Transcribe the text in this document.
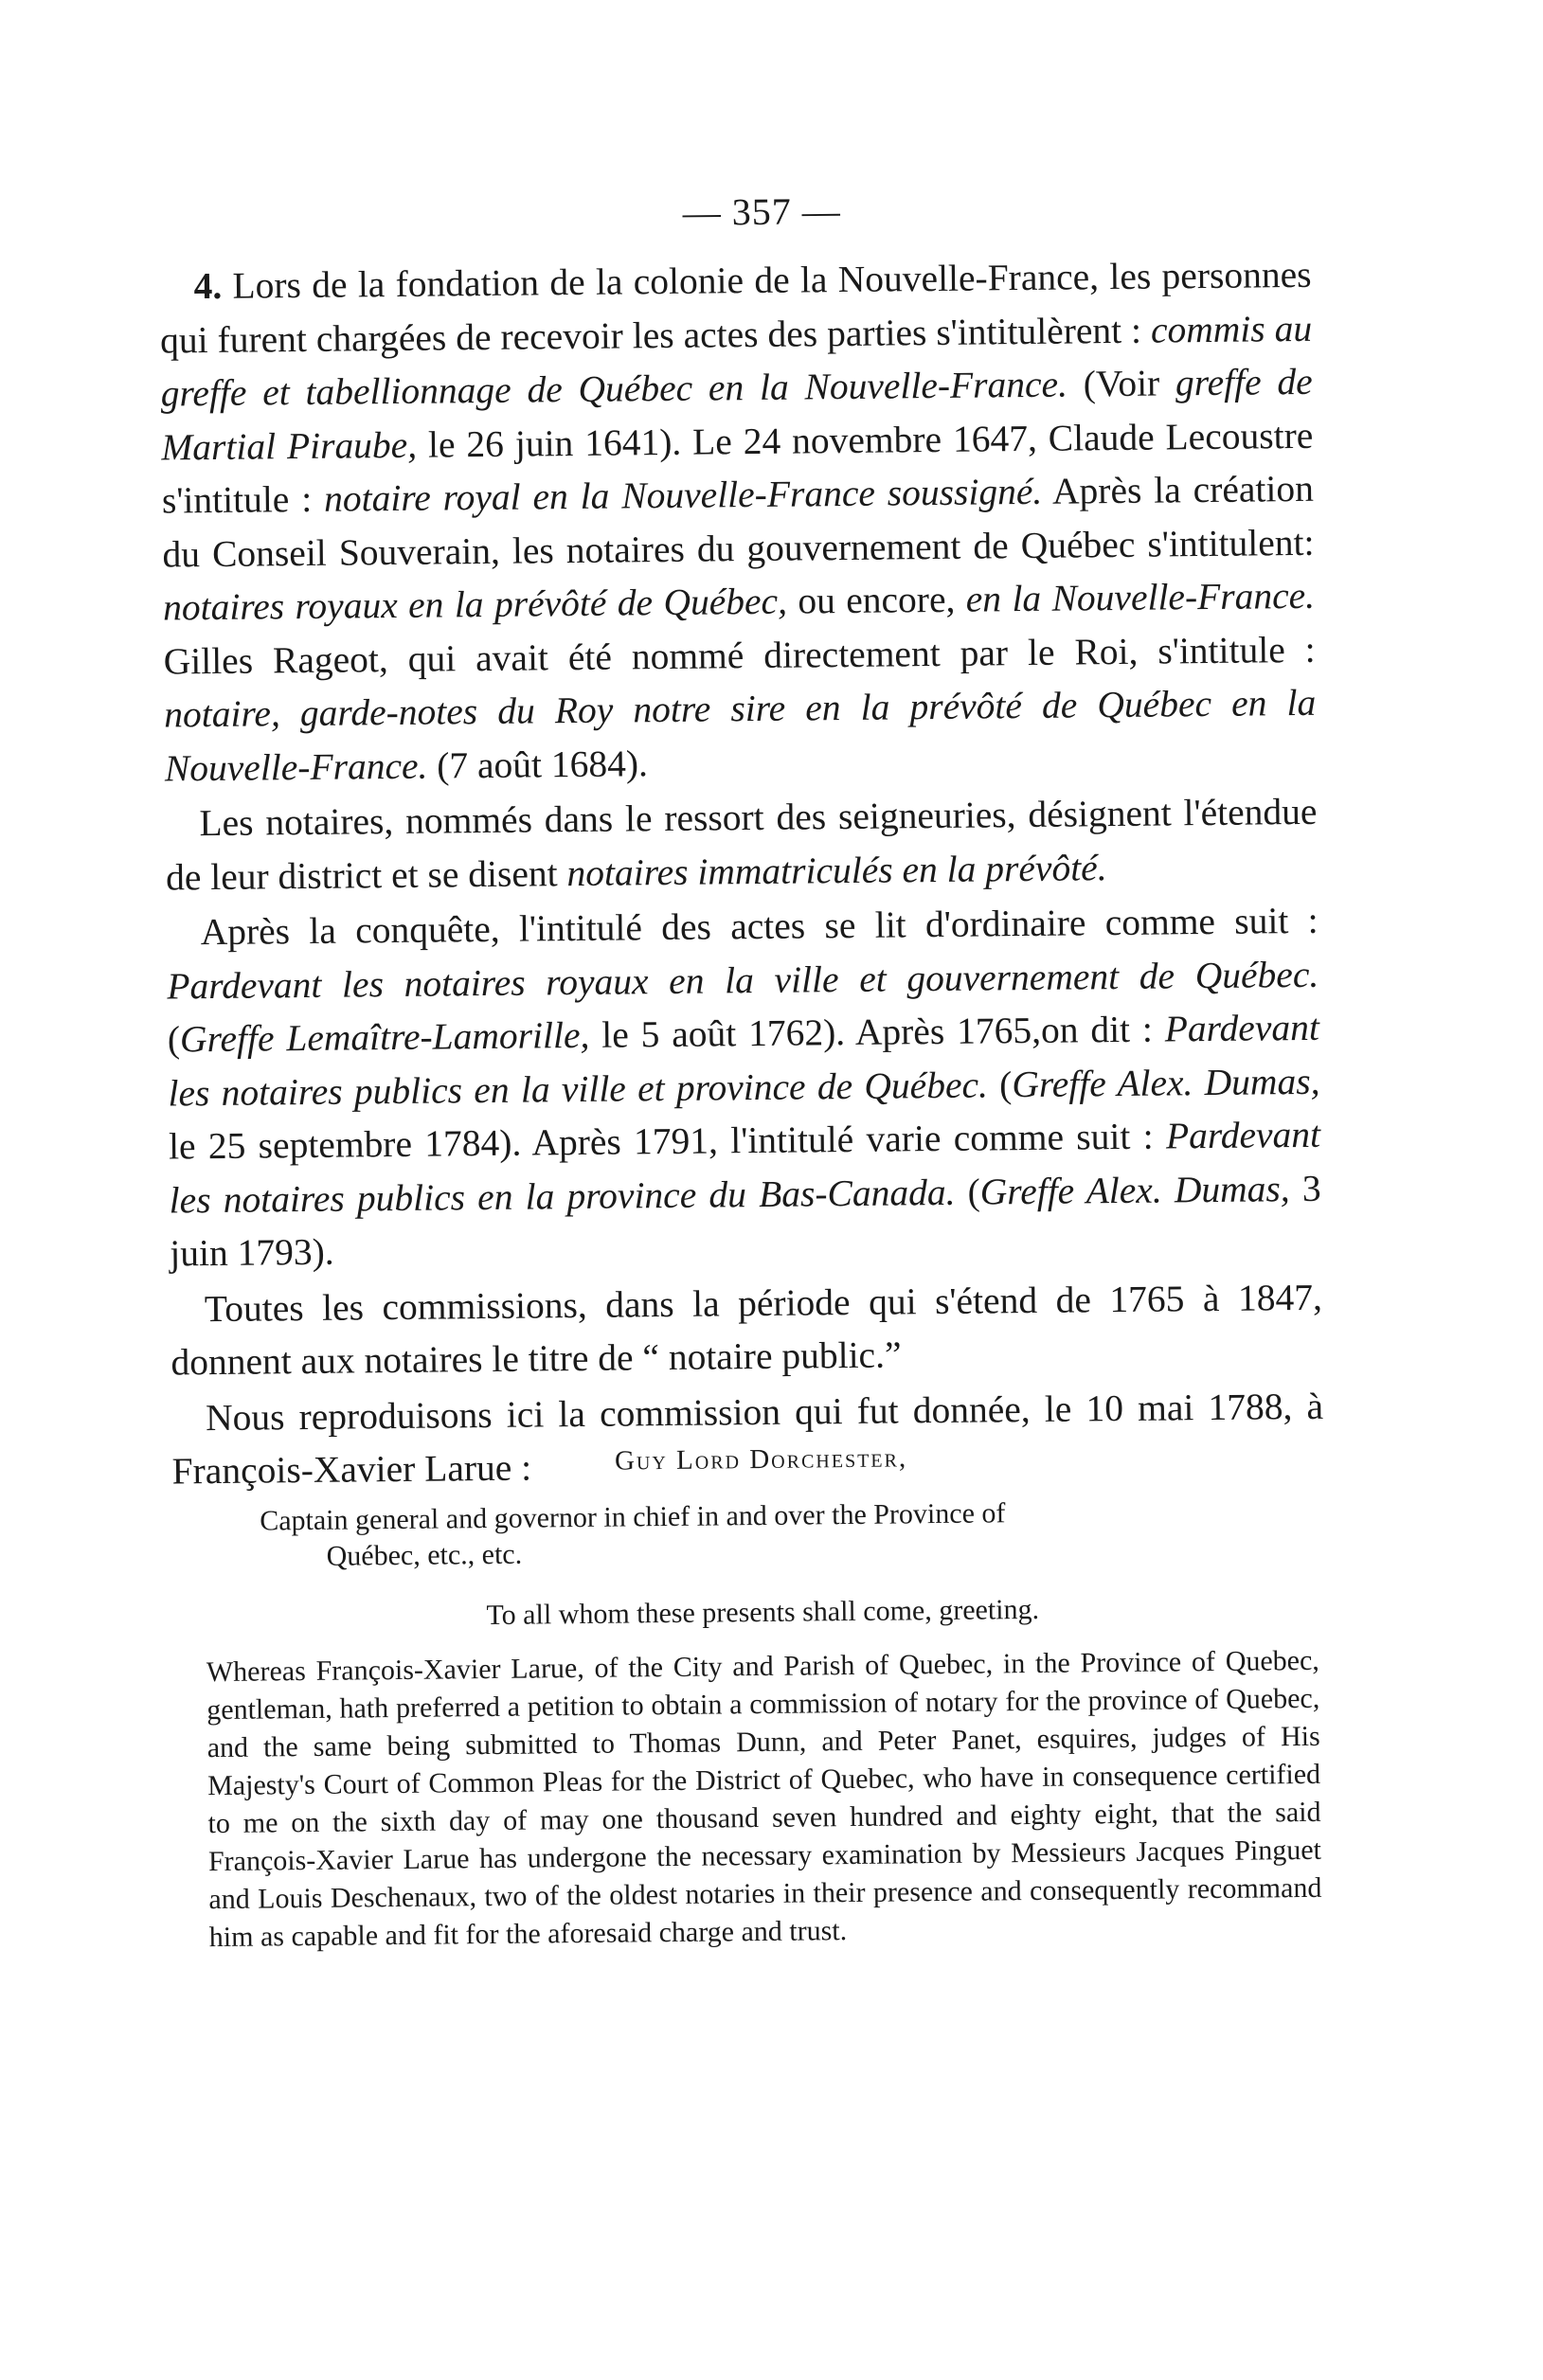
— 357 —

4. Lors de la fondation de la colonie de la Nouvelle-France, les personnes qui furent chargées de recevoir les actes des parties s'intitulèrent : commis au greffe et tabellionnage de Québec en la Nouvelle-France. (Voir greffe de Martial Piraube, le 26 juin 1641). Le 24 novembre 1647, Claude Lecoustre s'intitule : notaire royal en la Nouvelle-France soussigné. Après la création du Conseil Souverain, les notaires du gouvernement de Québec s'intitulent: notaires royaux en la prévôté de Québec, ou encore, en la Nouvelle-France. Gilles Rageot, qui avait été nommé directement par le Roi, s'intitule : notaire, garde-notes du Roy notre sire en la prévôté de Québec en la Nouvelle-France. (7 août 1684).

Les notaires, nommés dans le ressort des seigneuries, désignent l'étendue de leur district et se disent notaires immatriculés en la prévôté.

Après la conquête, l'intitulé des actes se lit d'ordinaire comme suit : Pardevant les notaires royaux en la ville et gouvernement de Québec. (Greffe Lemaître-Lamorille, le 5 août 1762). Après 1765,on dit : Pardevant les notaires publics en la ville et province de Québec. (Greffe Alex. Dumas, le 25 septembre 1784). Après 1791, l'intitulé varie comme suit : Pardevant les notaires publics en la province du Bas-Canada. (Greffe Alex. Dumas, 3 juin 1793).

Toutes les commissions, dans la période qui s'étend de 1765 à 1847, donnent aux notaires le titre de “ notaire public.”

Nous reproduisons ici la commission qui fut donnée, le 10 mai 1788, à François-Xavier Larue :	Guy Lord Dorchester,

Captain general and governor in chief in and over the Province of
Québec, etc., etc.

To all whom these presents shall come, greeting.

Whereas François-Xavier Larue, of the City and Parish of Quebec, in the Province of Quebec, gentleman, hath preferred a petition to obtain a commission of notary for the province of Quebec, and the same being submitted to Thomas Dunn, and Peter Panet, esquires, judges of His Majesty's Court of Common Pleas for the District of Quebec, who have in consequence certified to me on the sixth day of may one thousand seven hundred and eighty eight, that the said François-Xavier Larue has undergone the necessary examination by Messieurs Jacques Pinguet and Louis Deschenaux, two of the oldest notaries in their presence and consequently recommand him as capable and fit for the aforesaid charge and trust.
